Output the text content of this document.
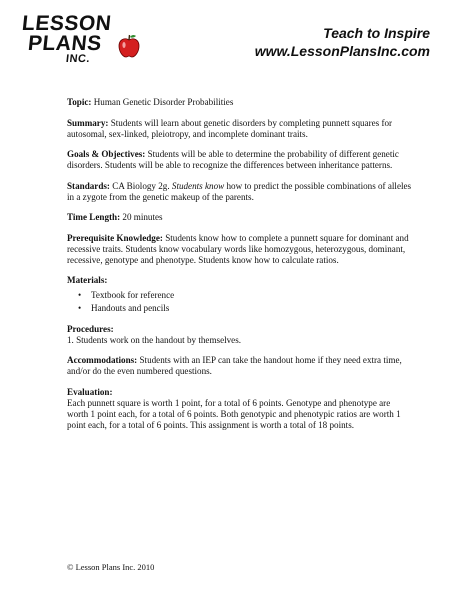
LESSON
PLANS
INC.
Teach to Inspire
www.LessonPlansInc.com
Topic: Human Genetic Disorder Probabilities
Summary: Students will learn about genetic disorders by completing punnett squares for autosomal, sex-linked, pleiotropy, and incomplete dominant traits.
Goals & Objectives: Students will be able to determine the probability of different genetic disorders. Students will be able to recognize the differences between inheritance patterns.
Standards: CA Biology 2g. Students know how to predict the possible combinations of alleles in a zygote from the genetic makeup of the parents.
Time Length: 20 minutes
Prerequisite Knowledge: Students know how to complete a punnett square for dominant and recessive traits. Students know vocabulary words like homozygous, heterozygous, dominant, recessive, genotype and phenotype. Students know how to calculate ratios.
Materials:
• Textbook for reference
• Handouts and pencils
Procedures:
1. Students work on the handout by themselves.
Accommodations: Students with an IEP can take the handout home if they need extra time, and/or do the even numbered questions.
Evaluation:
Each punnett square is worth 1 point, for a total of 6 points. Genotype and phenotype are worth 1 point each, for a total of 6 points. Both genotypic and phenotypic ratios are worth 1 point each, for a total of 6 points. This assignment is worth a total of 18 points.
© Lesson Plans Inc. 2010
